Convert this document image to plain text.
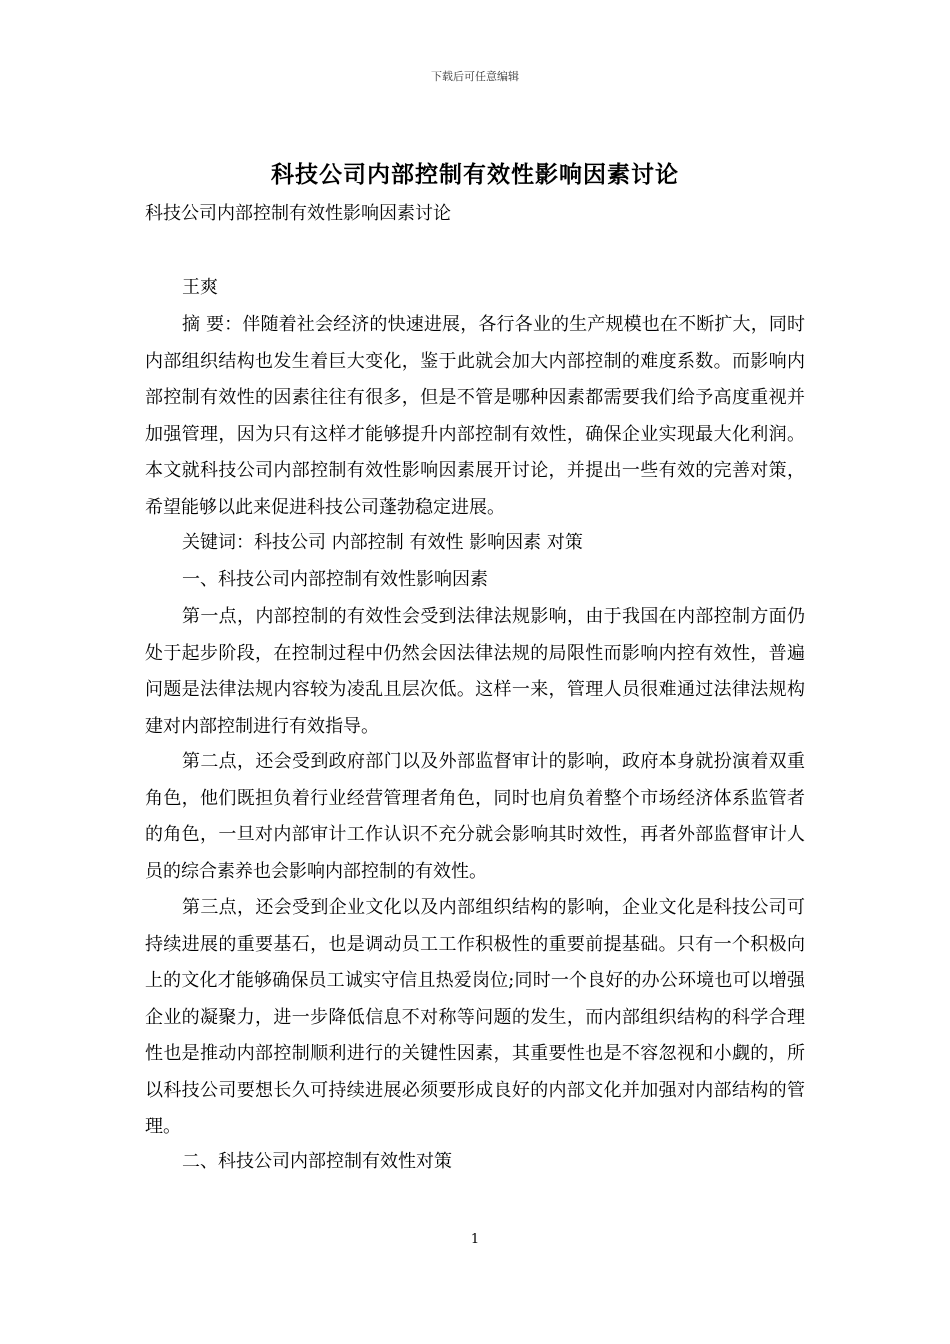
下载后可任意编辑
科技公司内部控制有效性影响因素讨论
科技公司内部控制有效性影响因素讨论
王爽
摘 要：伴随着社会经济的快速进展，各行各业的生产规模也在不断扩大，同时内部组织结构也发生着巨大变化，鉴于此就会加大内部控制的难度系数。而影响内部控制有效性的因素往往有很多，但是不管是哪种因素都需要我们给予高度重视并加强管理，因为只有这样才能够提升内部控制有效性，确保企业实现最大化利润。本文就科技公司内部控制有效性影响因素展开讨论，并提出一些有效的完善对策，希望能够以此来促进科技公司蓬勃稳定进展。
关键词：科技公司 内部控制 有效性 影响因素 对策
一、科技公司内部控制有效性影响因素
第一点，内部控制的有效性会受到法律法规影响，由于我国在内部控制方面仍处于起步阶段，在控制过程中仍然会因法律法规的局限性而影响内控有效性，普遍问题是法律法规内容较为凌乱且层次低。这样一来，管理人员很难通过法律法规构建对内部控制进行有效指导。
第二点，还会受到政府部门以及外部监督审计的影响，政府本身就扮演着双重角色，他们既担负着行业经营管理者角色，同时也肩负着整个市场经济体系监管者的角色，一旦对内部审计工作认识不充分就会影响其时效性，再者外部监督审计人员的综合素养也会影响内部控制的有效性。
第三点，还会受到企业文化以及内部组织结构的影响，企业文化是科技公司可持续进展的重要基石，也是调动员工工作积极性的重要前提基础。只有一个积极向上的文化才能够确保员工诚实守信且热爱岗位;同时一个良好的办公环境也可以增强企业的凝聚力，进一步降低信息不对称等问题的发生，而内部组织结构的科学合理性也是推动内部控制顺利进行的关键性因素，其重要性也是不容忽视和小觑的，所以科技公司要想长久可持续进展必须要形成良好的内部文化并加强对内部结构的管理。
二、科技公司内部控制有效性对策
1
